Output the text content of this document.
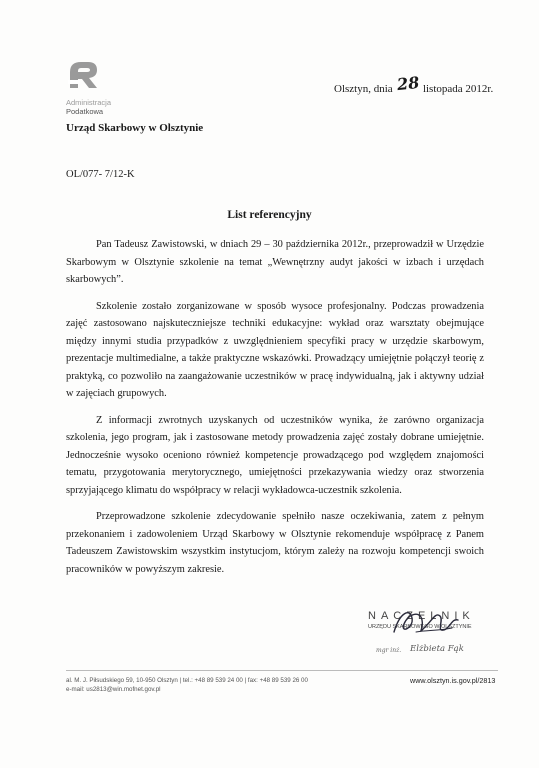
Administracja
Podatkowa
Olsztyn, dnia 28 listopada 2012r.
Urząd Skarbowy w Olsztynie
OL/077- 7/12-K
List referencyjny

Pan Tadeusz Zawistowski, w dniach 29 – 30 października 2012r., przeprowadził w Urzędzie Skarbowym w Olsztynie szkolenie na temat „Wewnętrzny audyt jakości w izbach i urzędach skarbowych”.

Szkolenie zostało zorganizowane w sposób wysoce profesjonalny. Podczas prowadzenia zajęć zastosowano najskuteczniejsze techniki edukacyjne: wykład oraz warsztaty obejmujące między innymi studia przypadków z uwzględnieniem specyfiki pracy w urzędzie skarbowym, prezentacje multimedialne, a także praktyczne wskazówki. Prowadzący umiejętnie połączył teorię z praktyką, co pozwoliło na zaangażowanie uczestników w pracę indywidualną, jak i aktywny udział w zajęciach grupowych.

Z informacji zwrotnych uzyskanych od uczestników wynika, że zarówno organizacja szkolenia, jego program, jak i zastosowane metody prowadzenia zajęć zostały dobrane umiejętnie. Jednocześnie wysoko oceniono również kompetencje prowadzącego pod względem znajomości tematu, przygotowania merytorycznego, umiejętności przekazywania wiedzy oraz stworzenia sprzyjającego klimatu do współpracy w relacji wykładowca-uczestnik szkolenia.

Przeprowadzone szkolenie zdecydowanie spełniło nasze oczekiwania, zatem z pełnym przekonaniem i zadowoleniem Urząd Skarbowy w Olsztynie rekomenduje współpracę z Panem Tadeuszem Zawistowskim wszystkim instytucjom, którym zależy na rozwoju kompetencji swoich pracowników w powyższym zakresie.

NACZELNIK
URZĘDU SKARBOWEGO W OLSZTYNIE
mgr inż. Elżbieta Fąk
al. M. J. Piłsudskiego 59, 10-950 Olsztyn | tel.: +48 89 539 24 00 | fax: +48 89 539 26 00
e-mail: us2813@win.mofnet.gov.pl
www.olsztyn.is.gov.pl/2813
